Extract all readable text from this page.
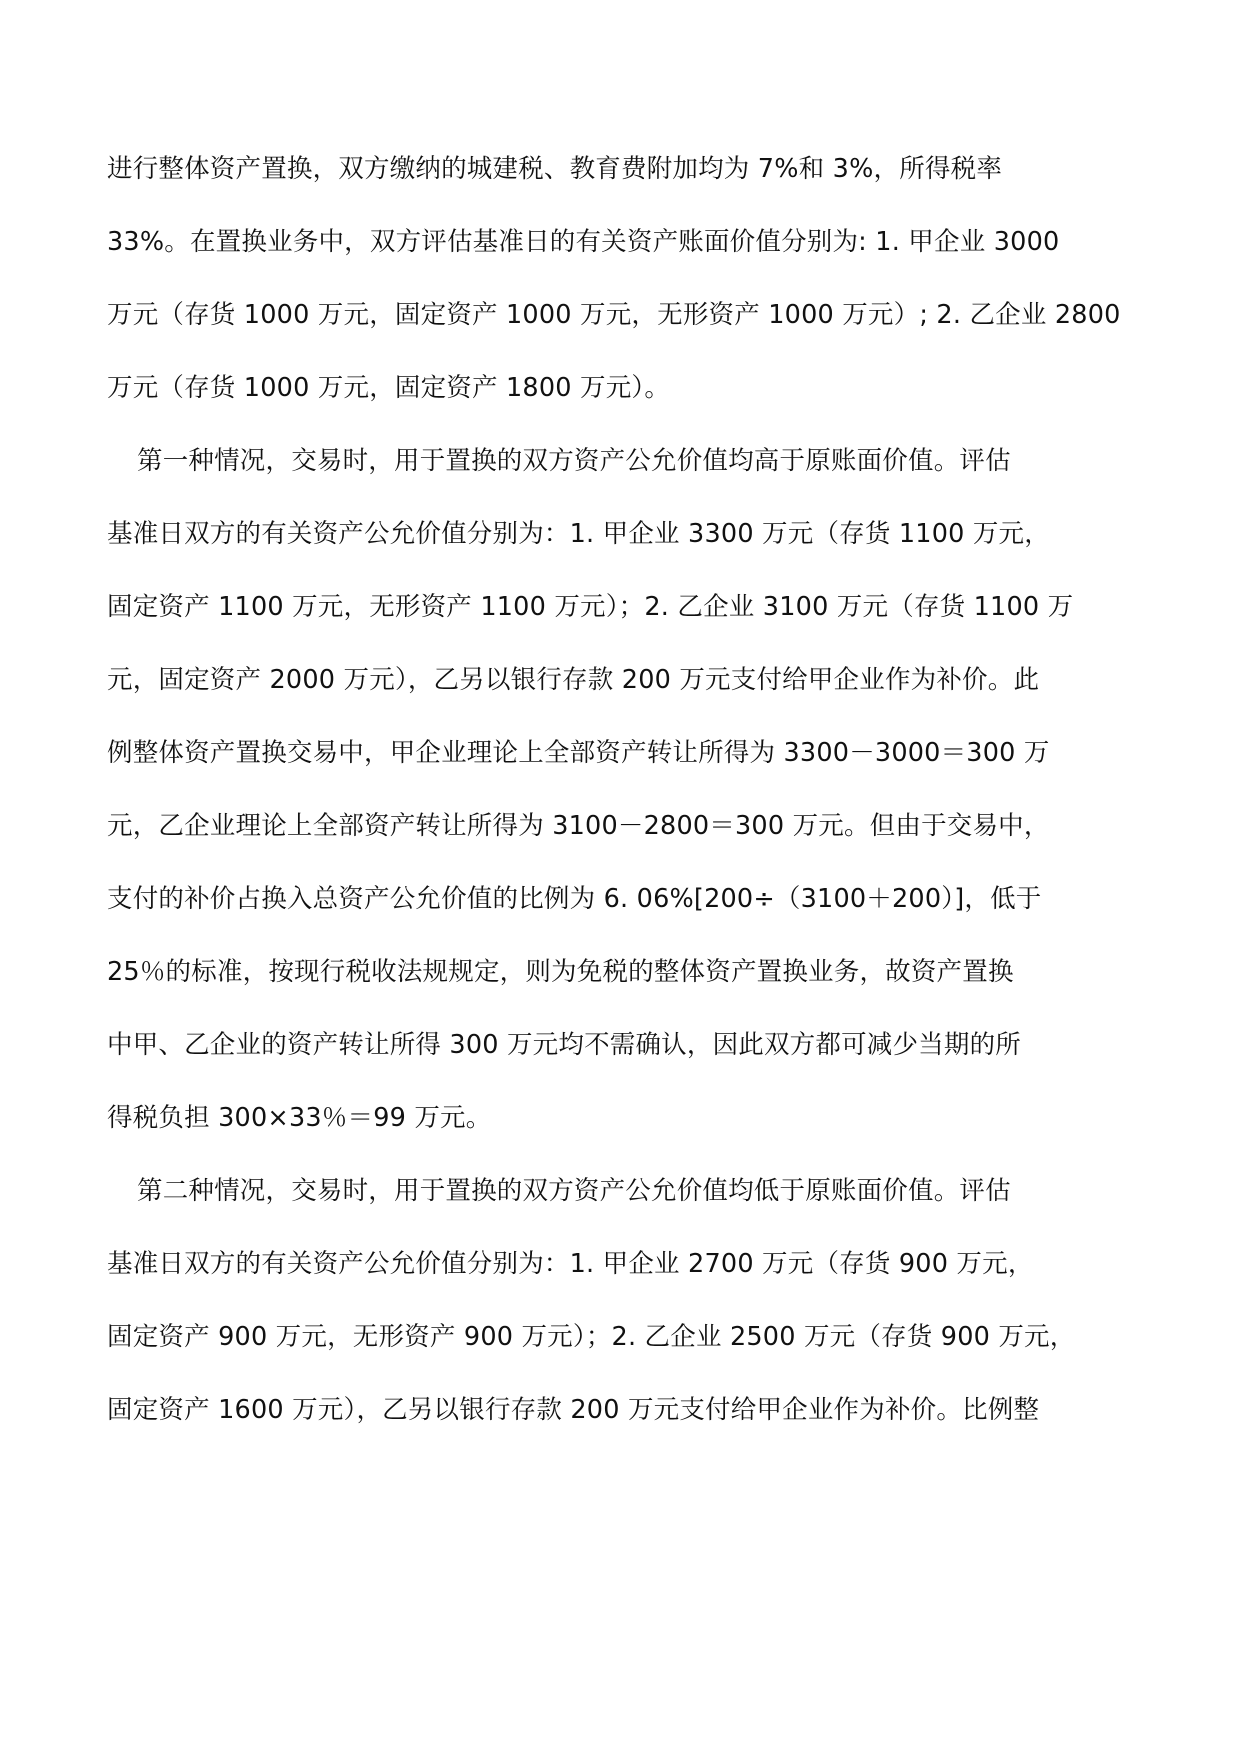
进行整体资产置换，双方缴纳的城建税、教育费附加均为 7%和 3%，所得税率
33%。在置换业务中，双方评估基准日的有关资产账面价值分别为: 1. 甲企业 3000
万元（存货 1000 万元，固定资产 1000 万元，无形资产 1000 万元）; 2. 乙企业 2800
万元（存货 1000 万元，固定资产 1800 万元）。
第一种情况，交易时，用于置换的双方资产公允价值均高于原账面价值。评估
基准日双方的有关资产公允价值分别为：1. 甲企业 3300 万元（存货 1100 万元，
固定资产 1100 万元，无形资产 1100 万元）；2. 乙企业 3100 万元（存货 1100 万
元，固定资产 2000 万元），乙另以银行存款 200 万元支付给甲企业作为补价。此
例整体资产置换交易中，甲企业理论上全部资产转让所得为 3300－3000＝300 万
元，乙企业理论上全部资产转让所得为 3100－2800＝300 万元。但由于交易中，
支付的补价占换入总资产公允价值的比例为 6. 06%[200÷（3100＋200）]，低于
25％的标准，按现行税收法规规定，则为免税的整体资产置换业务，故资产置换
中甲、乙企业的资产转让所得 300 万元均不需确认，因此双方都可减少当期的所
得税负担 300×33％＝99 万元。
第二种情况，交易时，用于置换的双方资产公允价值均低于原账面价值。评估
基准日双方的有关资产公允价值分别为：1. 甲企业 2700 万元（存货 900 万元，
固定资产 900 万元，无形资产 900 万元）；2. 乙企业 2500 万元（存货 900 万元，
固定资产 1600 万元），乙另以银行存款 200 万元支付给甲企业作为补价。比例整
